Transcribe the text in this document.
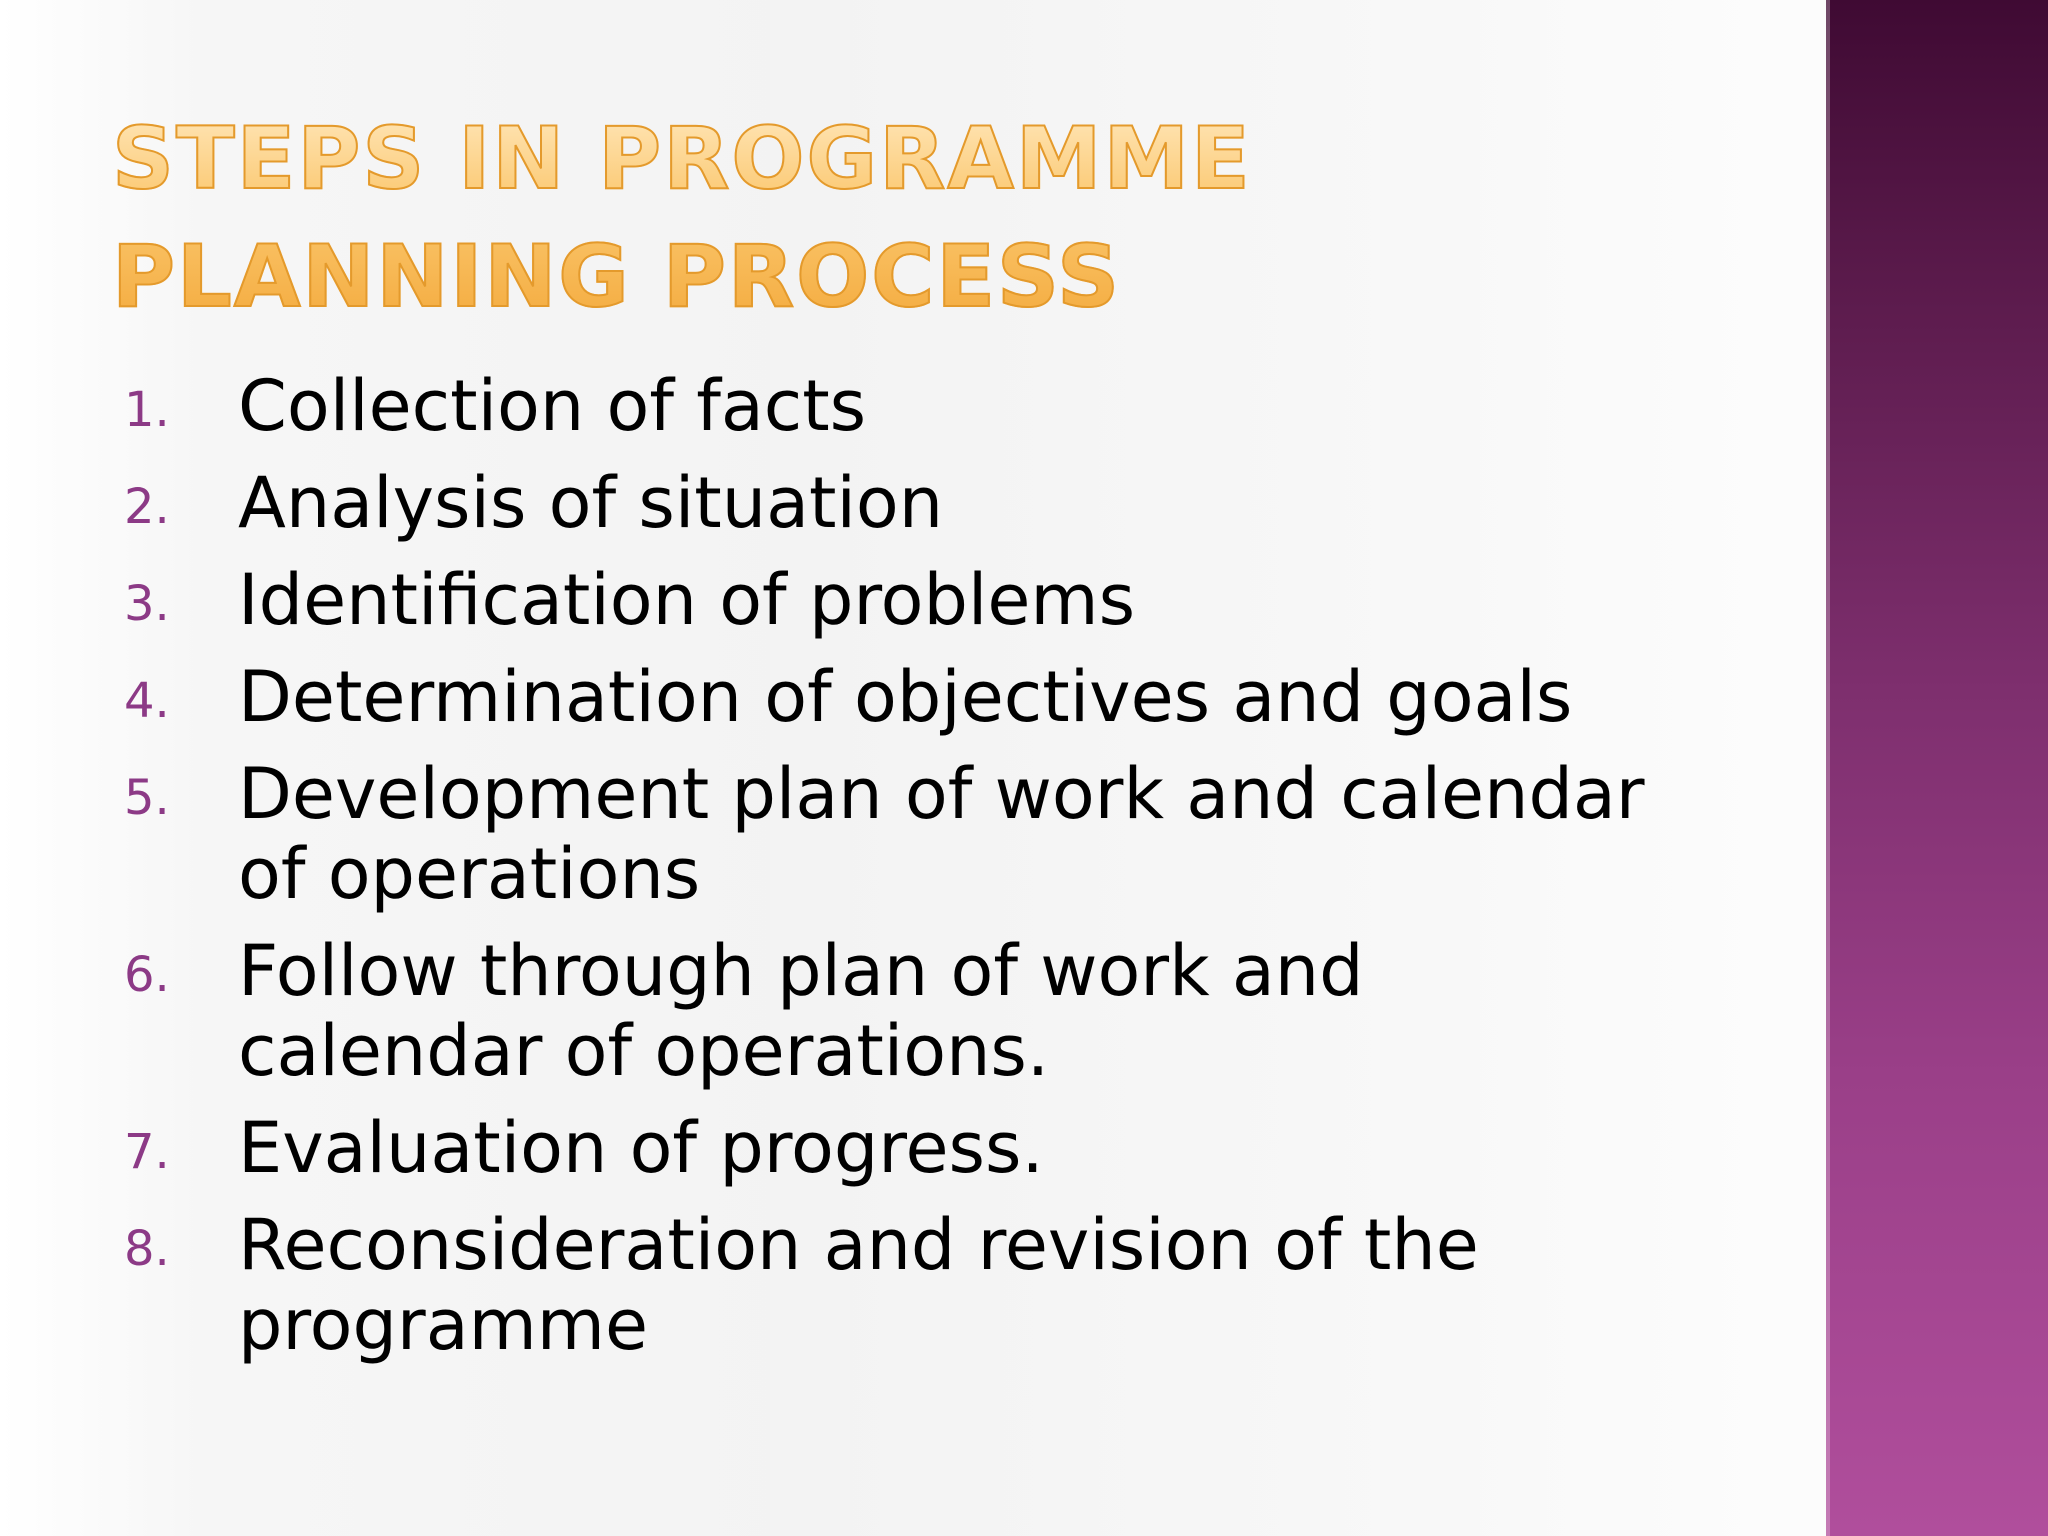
STEPS IN PROGRAMME PLANNING PROCESS
1. Collection of facts
2. Analysis of situation
3. Identification of problems
4. Determination of objectives and goals
5. Development plan of work and calendar of operations
6. Follow through plan of work and calendar of operations.
7. Evaluation of progress.
8. Reconsideration and revision of the programme
